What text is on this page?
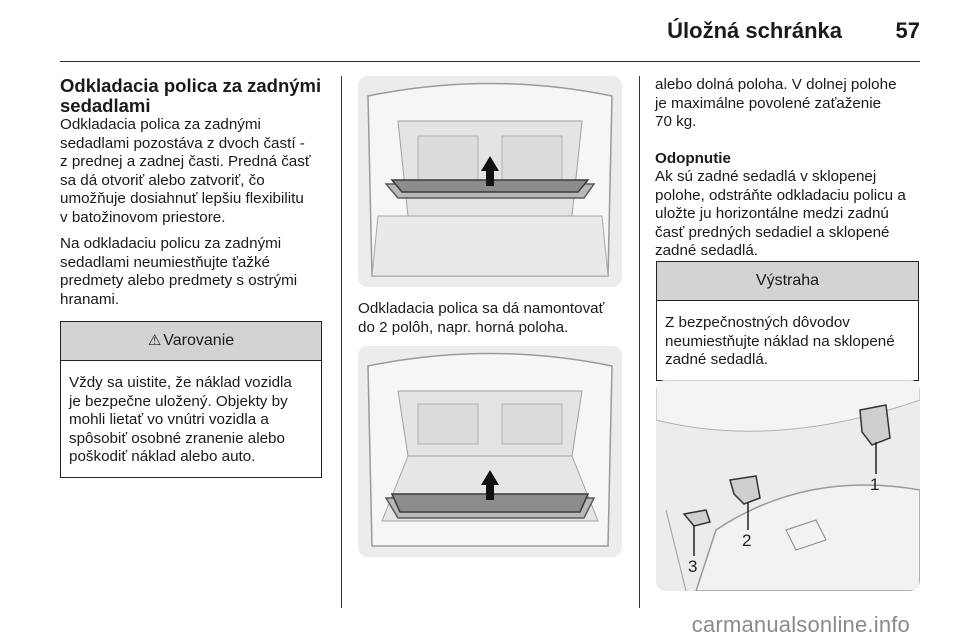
Úložná schránka 57
Odkladacia polica za zadnými
sedadlami

Odkladacia polica za zadnými
sedadlami pozostáva z dvoch častí -
z prednej a zadnej časti. Predná časť
sa dá otvoriť alebo zatvoriť, čo
umožňuje dosiahnuť lepšiu flexibilitu
v batožinovom priestore.

Na odkladaciu policu za zadnými
sedadlami neumiestňujte ťažké
predmety alebo predmety s ostrými
hranami.

⚠ Varovanie
Vždy sa uistite, že náklad vozidla
je bezpečne uložený. Objekty by
mohli lietať vo vnútri vozidla a
spôsobiť osobné zranenie alebo
poškodiť náklad alebo auto.
Odkladacia polica sa dá namontovať
do 2 polôh, napr. horná poloha.

alebo dolná poloha. V dolnej polohe
je maximálne povolené zaťaženie
70 kg.

Odopnutie

Ak sú zadné sedadlá v sklopenej
polohe, odstráňte odkladaciu policu a
uložte ju horizontálne medzi zadnú
časť predných sedadiel a sklopené
zadné sedadlá.

Výstraha
Z bezpečnostných dôvodov
neumiestňujte náklad na sklopené
zadné sedadlá.
1
2
3
carmanualsonline.info
